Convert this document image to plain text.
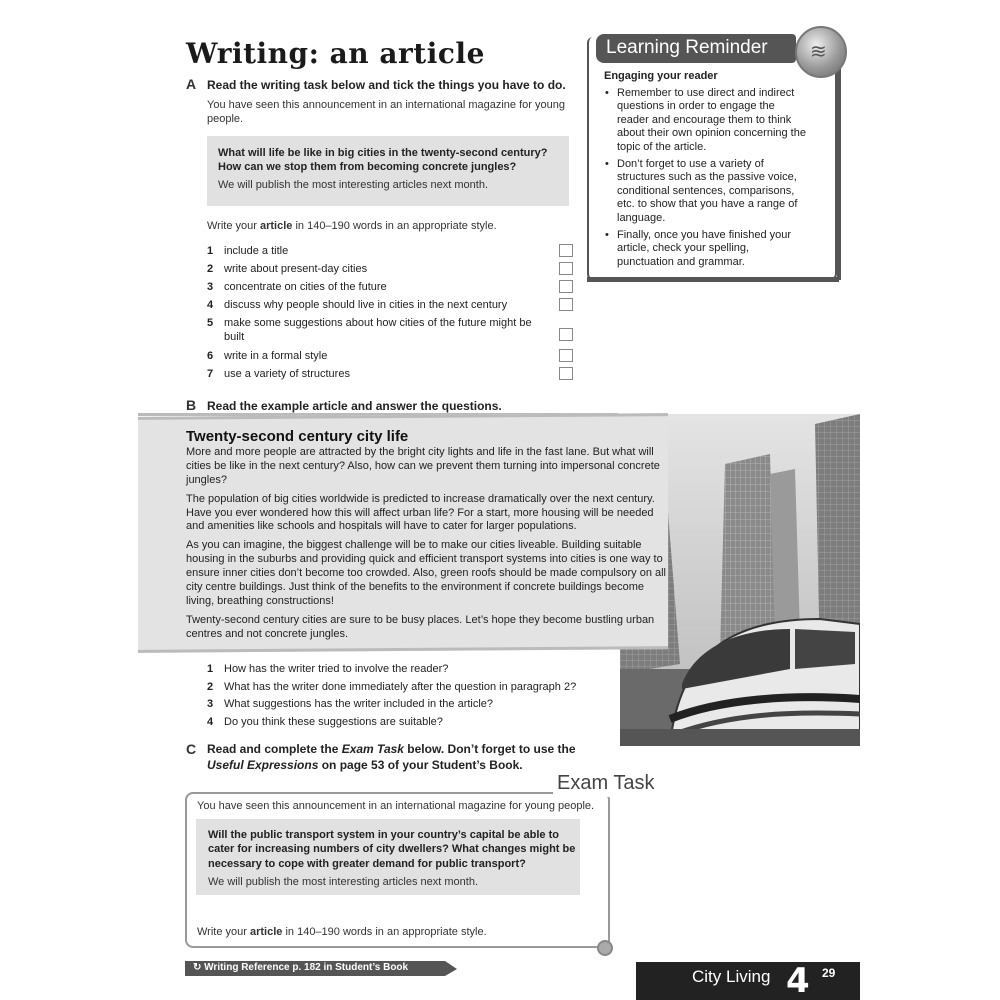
Writing: an article
A Read the writing task below and tick the things you have to do.
You have seen this announcement in an international magazine for young people.
What will life be like in big cities in the twenty-second century?
How can we stop them from becoming concrete jungles?
We will publish the most interesting articles next month.
Write your article in 140–190 words in an appropriate style.
1 include a title
2 write about present-day cities
3 concentrate on cities of the future
4 discuss why people should live in cities in the next century
5 make some suggestions about how cities of the future might be built
6 write in a formal style
7 use a variety of structures
Learning Reminder	≋
Engaging your reader
• Remember to use direct and indirect questions in order to engage the reader and encourage them to think about their own opinion concerning the topic of the article.
• Don’t forget to use a variety of structures such as the passive voice, conditional sentences, comparisons, etc. to show that you have a range of language.
• Finally, once you have finished your article, check your spelling, punctuation and grammar.
B Read the example article and answer the questions.
Twenty-second century city life

More and more people are attracted by the bright city lights and life in the fast lane. But what will cities be like in the next century? Also, how can we prevent them turning into impersonal concrete jungles?

The population of big cities worldwide is predicted to increase dramatically over the next century. Have you ever wondered how this will affect urban life? For a start, more housing will be needed and amenities like schools and hospitals will have to cater for larger populations.

As you can imagine, the biggest challenge will be to make our cities liveable. Building suitable housing in the suburbs and providing quick and efficient transport systems into cities is one way to ensure inner cities don’t become too crowded. Also, green roofs should be made compulsory on all city centre buildings. Just think of the benefits to the environment if concrete buildings become living, breathing constructions!

Twenty-second century cities are sure to be busy places. Let’s hope they become bustling urban centres and not concrete jungles.

1 How has the writer tried to involve the reader?
2 What has the writer done immediately after the question in paragraph 2?
3 What suggestions has the writer included in the article?
4 Do you think these suggestions are suitable?
C Read and complete the Exam Task below. Don’t forget to use the
Useful Expressions on page 53 of your Student’s Book.
Exam Task
You have seen this announcement in an international magazine for young people.
Will the public transport system in your country’s capital be able to cater for increasing numbers of city dwellers? What changes might be necessary to cope with greater demand for public transport?
We will publish the most interesting articles next month.
Write your article in 140–190 words in an appropriate style.
↻ Writing Reference p. 182 in Student’s Book	City Living 4 29
